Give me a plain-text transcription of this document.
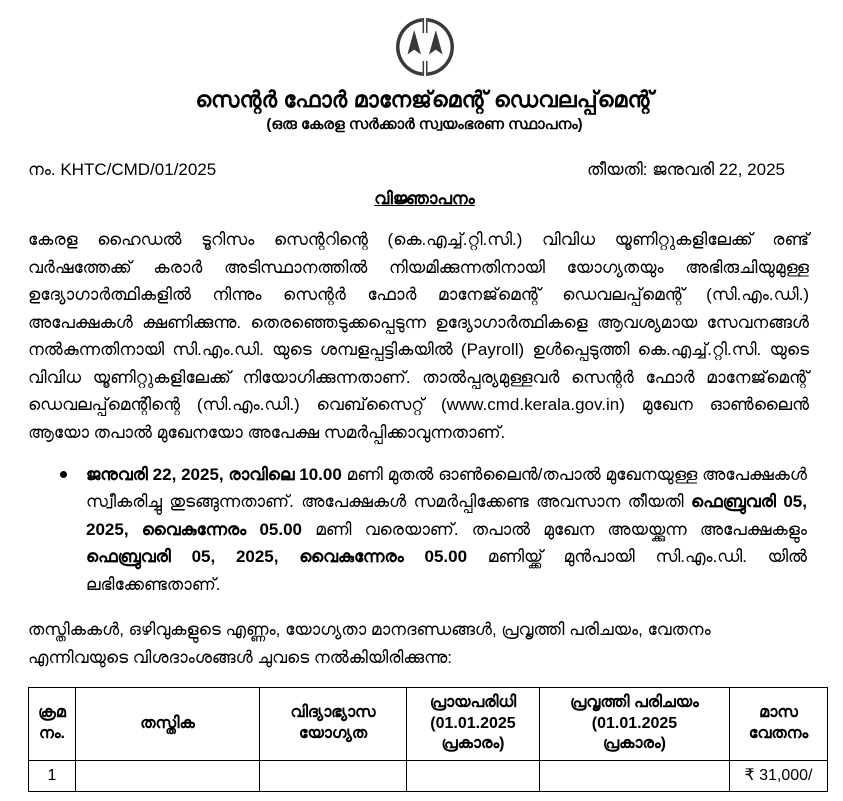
സെന്റർ ഫോർ മാനേജ്‌മെന്റ് ഡെവലപ്പ്‌മെന്റ്
(ഒരു കേരള സർക്കാർ സ്വയംഭരണ സ്ഥാപനം)
നം. KHTC/CMD/01/2025	തീയതി: ജനുവരി 22, 2025
വിജ്ഞാപനം
കേരള ഹൈഡൽ ടൂറിസം സെന്ററിന്റെ (കെ.എച്ച്.റ്റി.സി.) വിവിധ യൂണിറ്റുകളിലേക്ക് രണ്ട് വർഷത്തേക്ക് കരാർ അടിസ്ഥാനത്തിൽ നിയമിക്കുന്നതിനായി യോഗ്യതയും അഭിരുചിയുമുള്ള ഉദ്യോഗാർത്ഥികളിൽ നിന്നും സെന്റർ ഫോർ മാനേജ്‌മെന്റ് ഡെവലപ്പ്‌മെന്റ് (സി.എം.ഡി.) അപേക്ഷകൾ ക്ഷണിക്കുന്നു. തെരഞ്ഞെടുക്കപ്പെടുന്ന ഉദ്യോഗാർത്ഥികളെ ആവശ്യമായ സേവനങ്ങൾ നൽകുന്നതിനായി സി.എം.ഡി. യുടെ ശമ്പളപ്പട്ടികയിൽ (Payroll) ഉൾപ്പെടുത്തി കെ.എച്ച്.റ്റി.സി. യുടെ വിവിധ യൂണിറ്റുകളിലേക്ക് നിയോഗിക്കുന്നതാണ്. താൽപ്പര്യമുള്ളവർ സെന്റർ ഫോർ മാനേജ്‌മെന്റ് ഡെവലപ്പ്‌മെന്റിന്റെ (സി.എം.ഡി.) വെബ്‌സൈറ്റ് (www.cmd.kerala.gov.in) മുഖേന ഓൺലൈൻ ആയോ തപാൽ മുഖേനയോ അപേക്ഷ സമർപ്പിക്കാവുന്നതാണ്.
ജനുവരി 22, 2025, രാവിലെ 10.00 മണി മുതൽ ഓൺലൈൻ/തപാൽ മുഖേനയുള്ള അപേക്ഷകൾ സ്വീകരിച്ചു തുടങ്ങുന്നതാണ്. അപേക്ഷകൾ സമർപ്പിക്കേണ്ട അവസാന തീയതി ഫെബ്രുവരി 05, 2025, വൈകുന്നേരം 05.00 മണി വരെയാണ്. തപാൽ മുഖേന അയയ്ക്കുന്ന അപേക്ഷകളും ഫെബ്രുവരി 05, 2025, വൈകുന്നേരം 05.00 മണിയ്ക്ക് മുൻപായി സി.എം.ഡി. യിൽ ലഭിക്കേണ്ടതാണ്.
തസ്തികകൾ, ഒഴിവുകളുടെ എണ്ണം, യോഗ്യതാ മാനദണ്ഡങ്ങൾ, പ്രവൃത്തി പരിചയം, വേതനം എന്നിവയുടെ വിശദാംശങ്ങൾ ചുവടെ നൽകിയിരിക്കുന്നു:
ക്രമ
നം.	തസ്തിക	വിദ്യാഭ്യാസ
യോഗ്യത	പ്രായപരിധി
(01.01.2025
പ്രകാരം)	പ്രവൃത്തി പരിചയം
(01.01.2025
പ്രകാരം)	മാസ
വേതനം
1					₹ 31,000/
